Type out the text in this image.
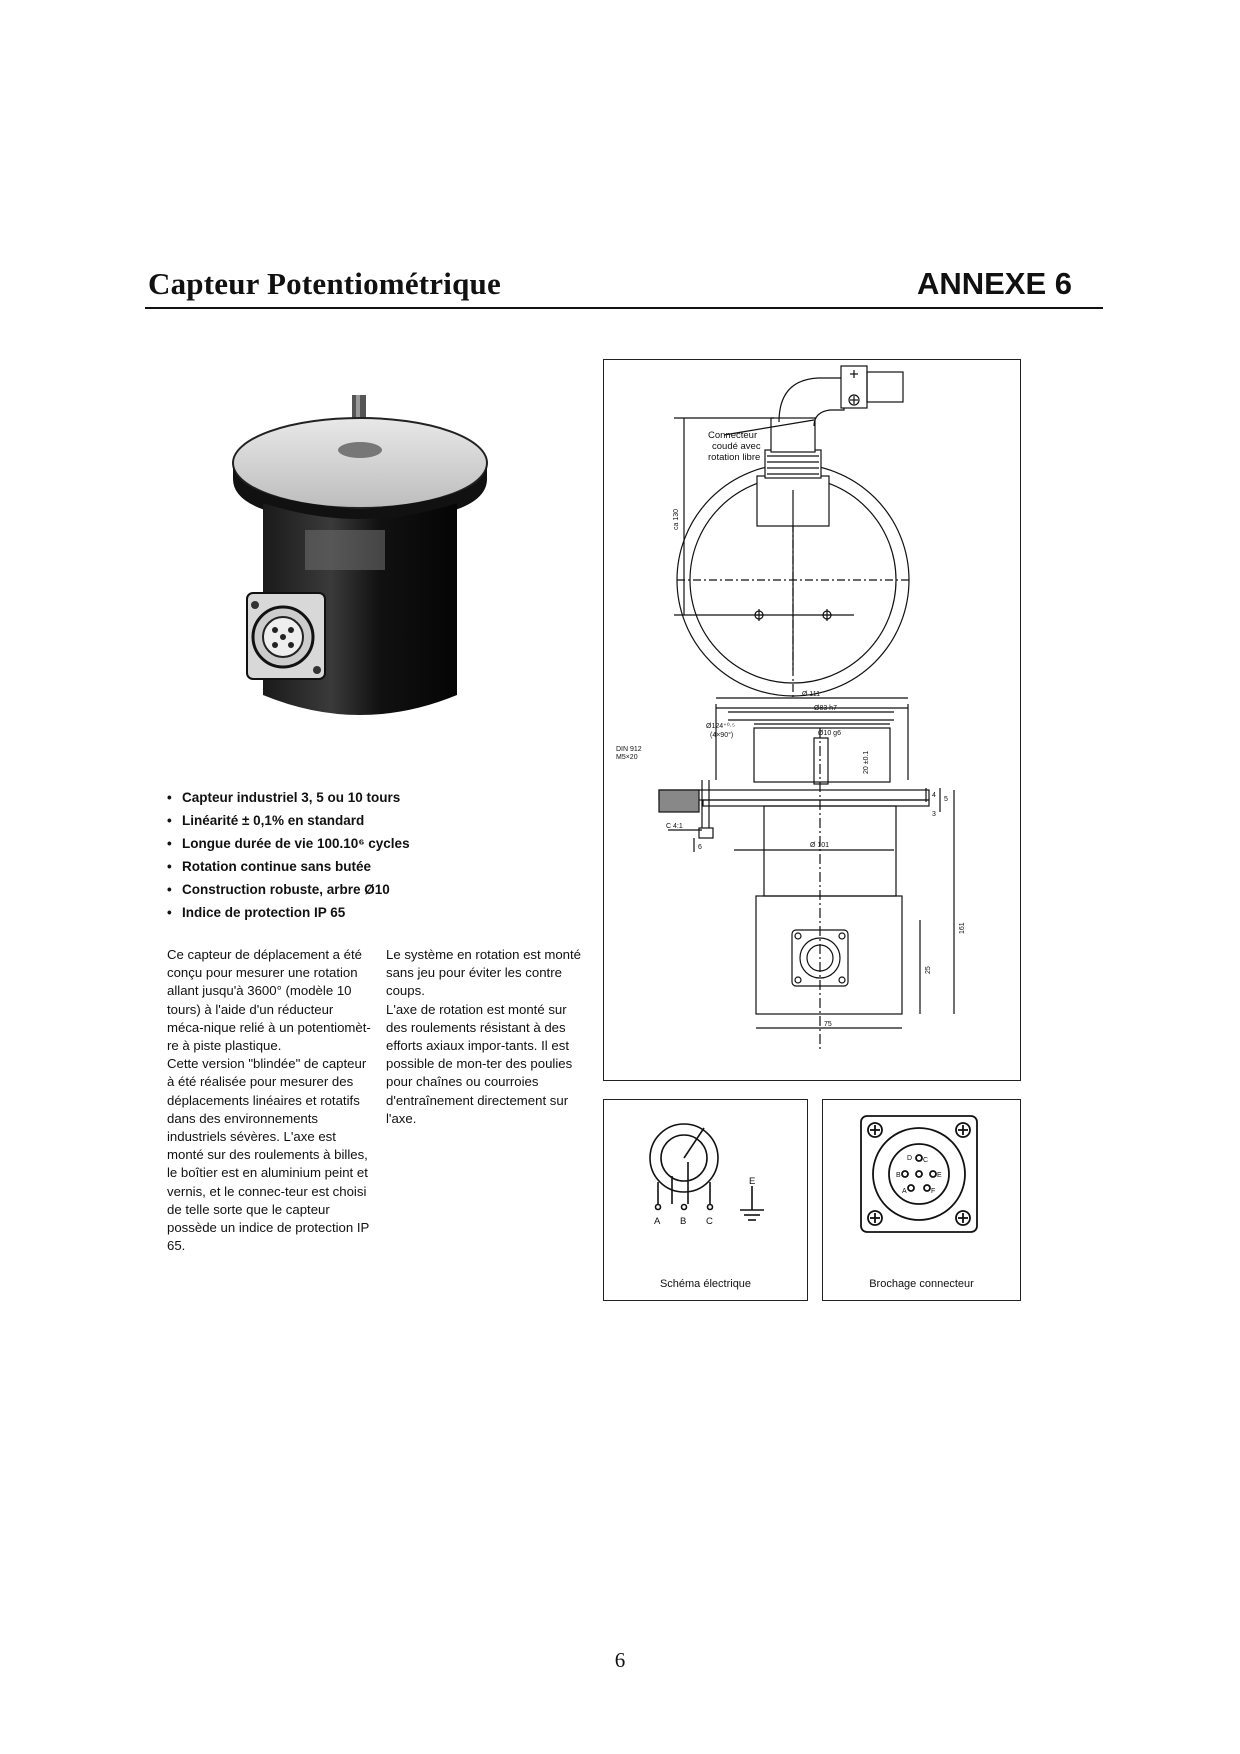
Capteur Potentiométrique	ANNEXE 6
• Capteur industriel 3, 5 ou 10 tours
• Linéarité ± 0,1% en standard
• Longue durée de vie 100.10⁶ cycles
• Rotation continue sans butée
• Construction robuste, arbre Ø10
• Indice de protection IP 65

Ce capteur de déplacement a été conçu pour mesurer une rotation allant jusqu'à 3600° (modèle 10 tours) à l'aide d'un réducteur méca-nique relié à un potentiomèt-re à piste plastique.

Cette version "blindée" de capteur à été réalisée pour mesurer des déplacements linéaires et rotatifs dans des environnements industriels sévères. L'axe est monté sur des roulements à billes, le boîtier est en aluminium peint et vernis, et le connec-teur est choisi de telle sorte que le capteur possède un indice de protection IP 65.

Le système en rotation est monté sans jeu pour éviter les contre coups.

L'axe de rotation est monté sur des roulements résistant à des efforts axiaux impor-tants. Il est possible de mon-ter des poulies pour chaînes ou courroies d'entraînement directement sur l'axe.

Connecteur
coudé avec
rotation libre
ca 130
Ø 111
Ø83 h7
Ø124⁺⁰·⁵
(4×90°)	Ø10 g6
20 ±0.1
DIN 912
M5×20
Ø 101
C 4:1
6
161
75
25
4
5
3
A B C
E
Schéma électrique
D
E
B
A	F
C
Brochage connecteur
6
